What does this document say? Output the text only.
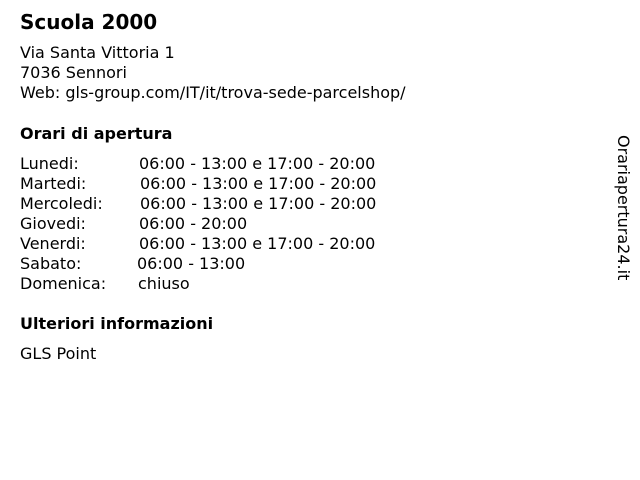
Scuola 2000
Via Santa Vittoria 1
7036 Sennori
Web: gls-group.com/IT/it/trova-sede-parcelshop/
Orari di apertura
Lunedi:	06:00 - 13:00 e 17:00 - 20:00
Martedi:	06:00 - 13:00 e 17:00 - 20:00
Mercoledi: 06:00 - 13:00 e 17:00 - 20:00
Giovedi:	06:00 - 20:00
Venerdi:	06:00 - 13:00 e 17:00 - 20:00
Sabato:	06:00 - 13:00
Domenica: chiuso
Ulteriori informazioni
GLS Point
Orariapertura24.it
